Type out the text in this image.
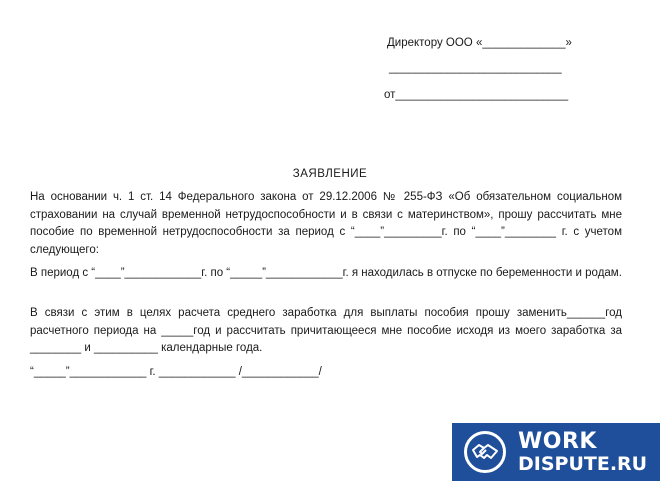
Директору ООО «_____________»
___________________________
от___________________________
ЗАЯВЛЕНИЕ
На основании ч. 1 ст. 14 Федерального закона от 29.12.2006 № 255-ФЗ «Об обязательном социальном страховании на случай временной нетрудоспособности и в связи с материнством», прошу рассчитать мне пособие по временной нетрудоспособности за период с “____”_________г. по “____”________ г. с учетом следующего:
В период с “____”____________г. по “_____”____________г. я находилась в отпуске по беременности и родам.
В связи с этим в целях расчета среднего заработка для выплаты пособия прошу заменить______год расчетного периода на _____год и рассчитать причитающееся мне пособие исходя из моего заработка за ________ и __________ календарные года.
“_____”____________ г. ____________ /____________/
WORK
DISPUTE.RU
